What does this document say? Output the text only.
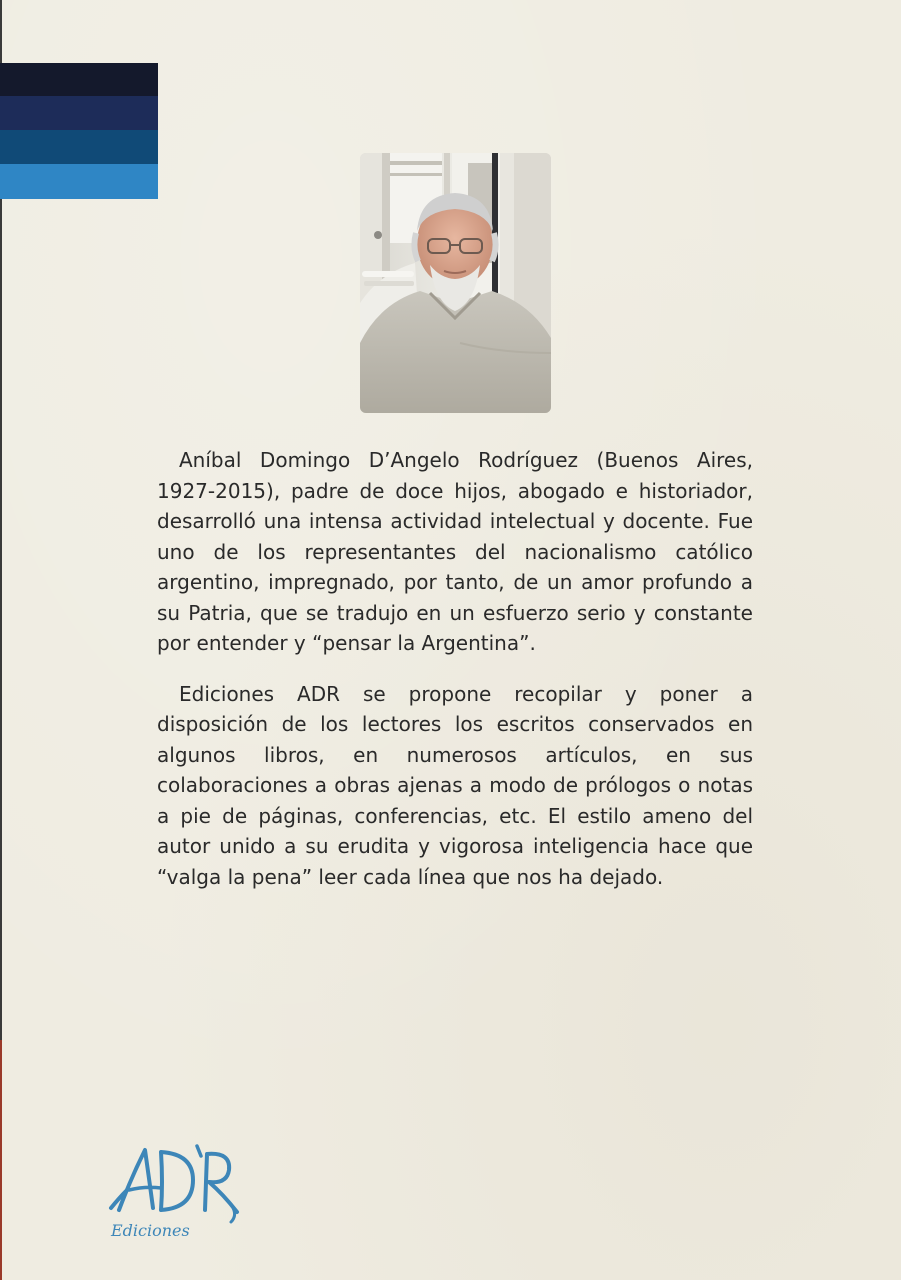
Aníbal Domingo D’Angelo Rodríguez (Buenos Aires, 1927-2015), padre de doce hijos, abogado e historiador, desarrolló una intensa actividad intelectual y docente. Fue uno de los representantes del nacionalismo católico argentino, impregnado, por tanto, de un amor profundo a su Patria, que se tradujo en un esfuerzo serio y constante por entender y “pensar la Argentina”.

Ediciones ADR se propone recopilar y poner a disposición de los lectores los escritos conservados en algunos libros, en numerosos artículos, en sus colaboraciones a obras ajenas a modo de prólogos o notas a pie de páginas, conferencias, etc. El estilo ameno del autor unido a su erudita y vigorosa inteligencia hace que “valga la pena” leer cada línea que nos ha dejado.

Ediciones
